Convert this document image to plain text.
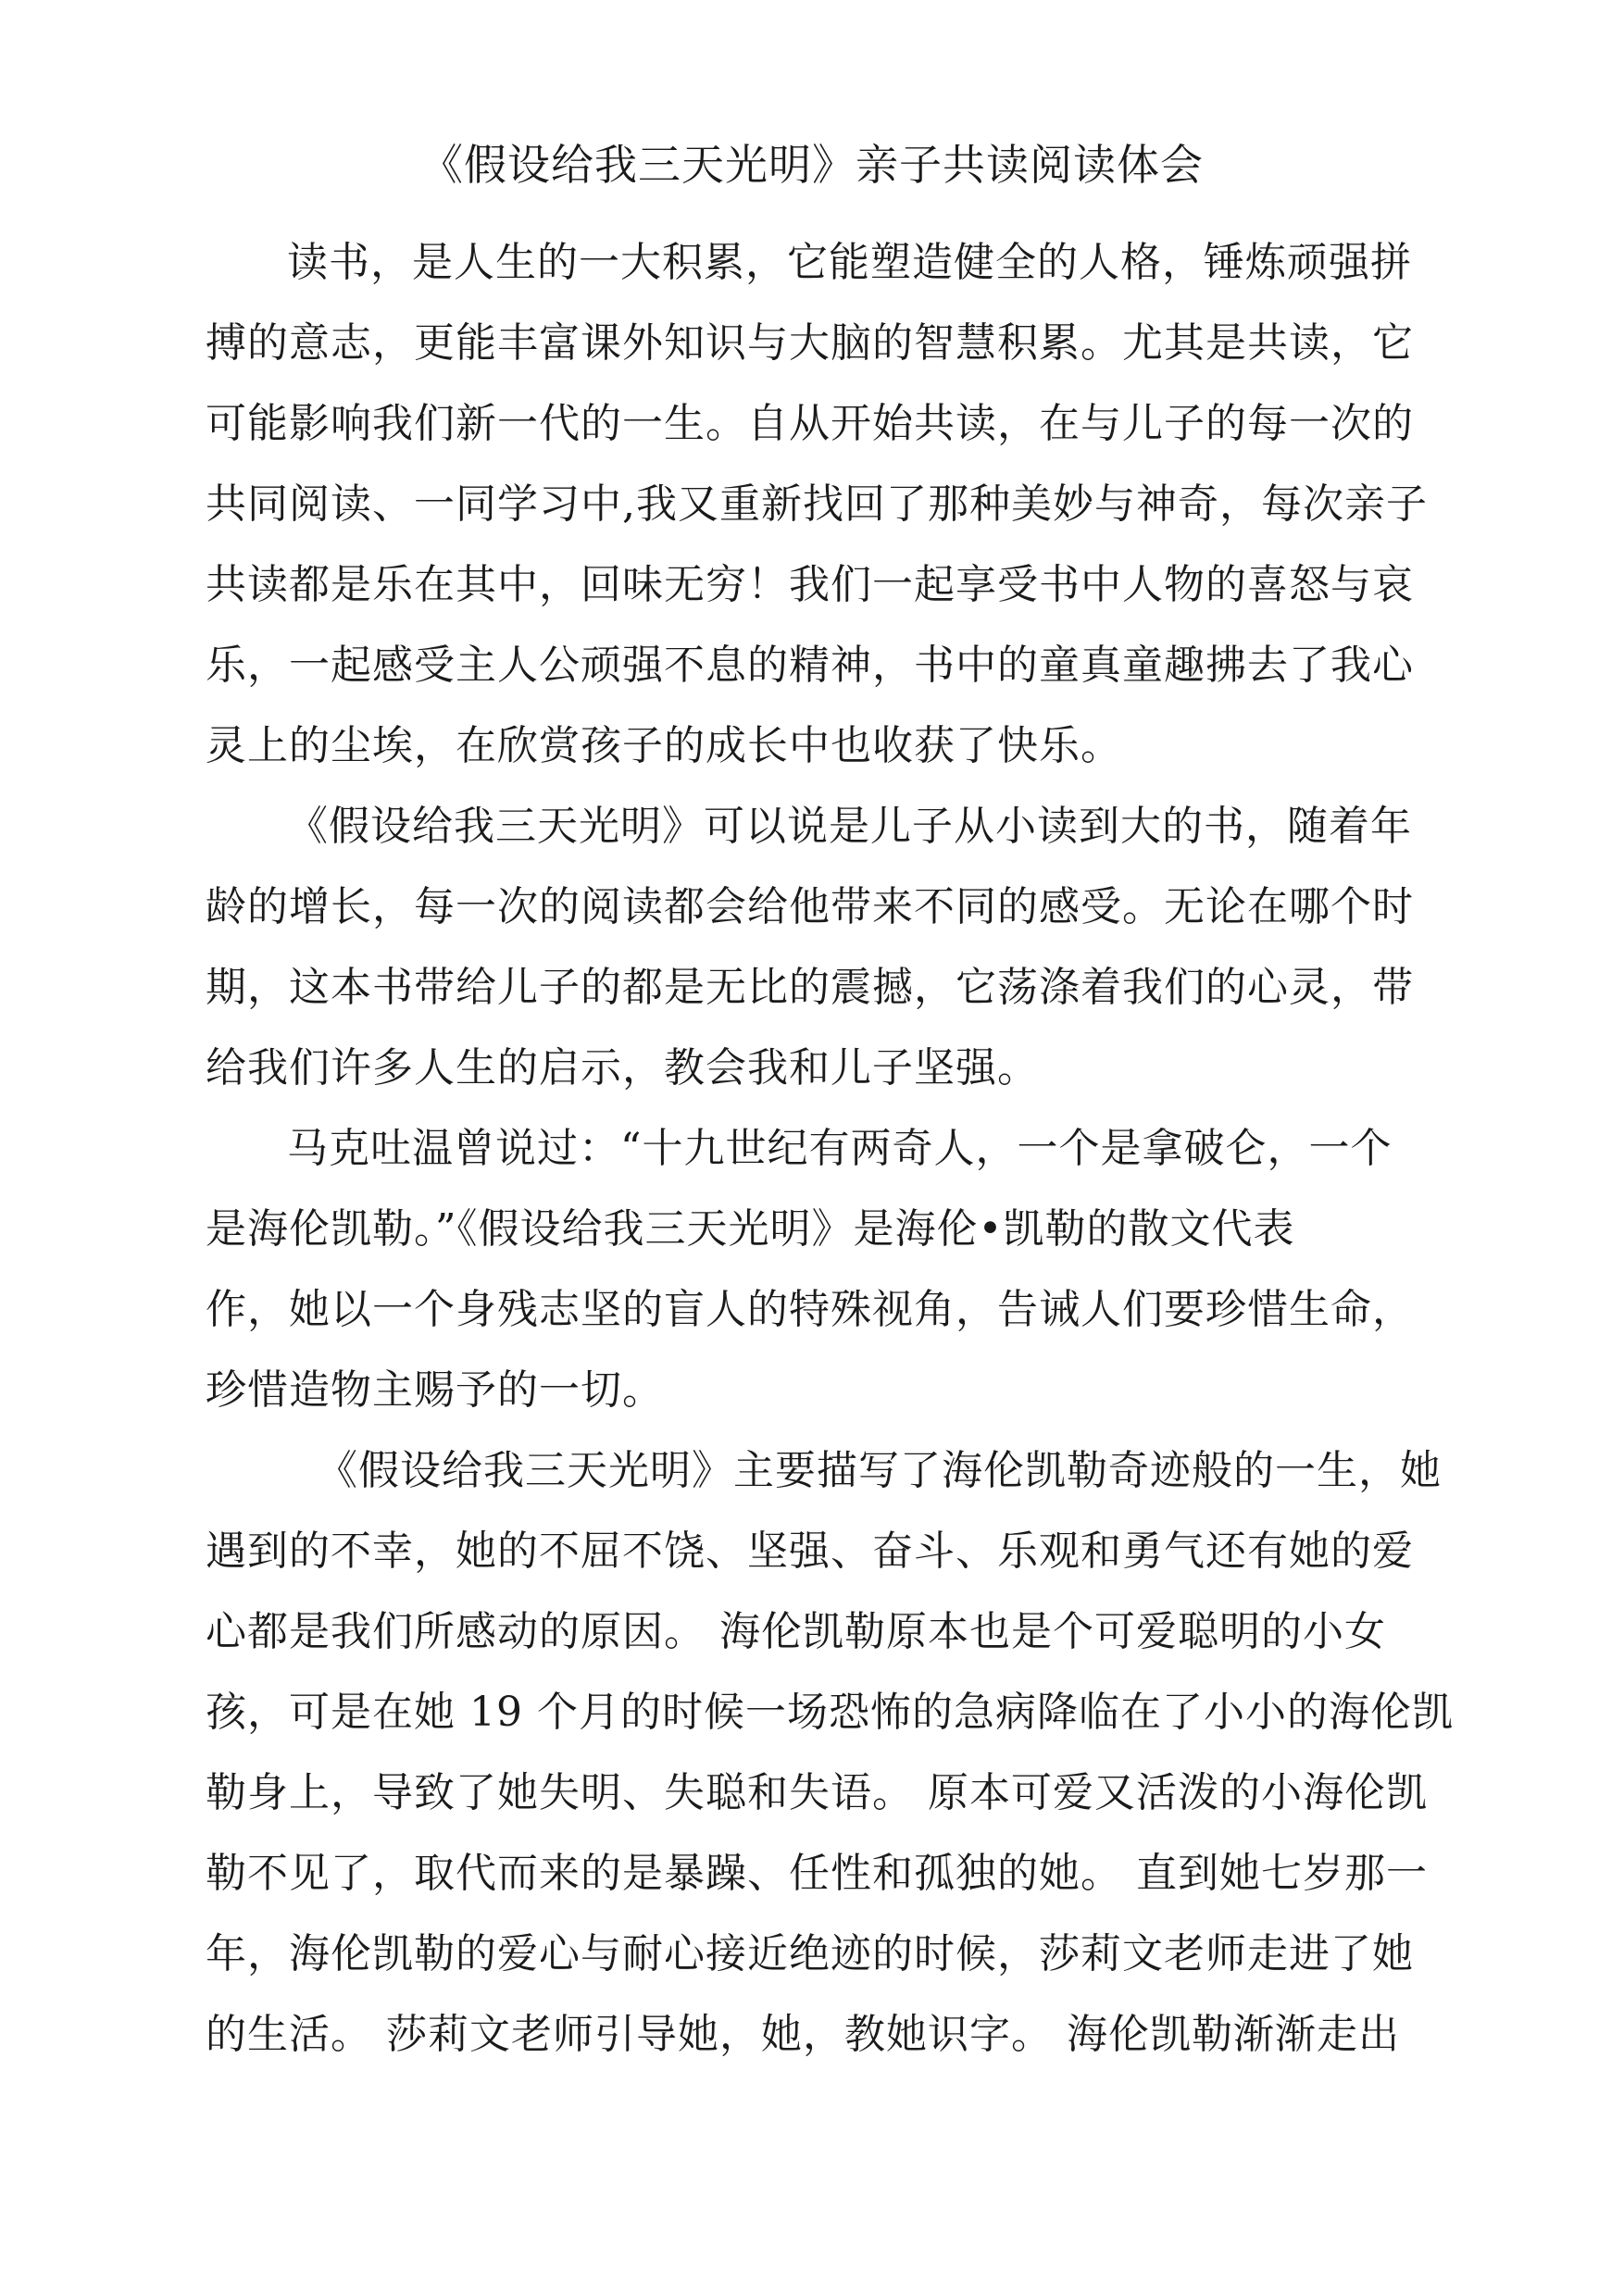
《假设给我三天光明》亲子共读阅读体会
读书，是人生的一大积累，它能塑造健全的人格，锤炼顽强拼
搏的意志，更能丰富课外知识与大脑的智慧积累。尤其是共读，它
可能影响我们新一代的一生。自从开始共读，在与儿子的每一次的
共同阅读、一同学习中,我又重新找回了那种美妙与神奇，每次亲子
共读都是乐在其中，回味无穷！我们一起享受书中人物的喜怒与哀
乐，一起感受主人公顽强不息的精神，书中的童真童趣拂去了我心
灵上的尘埃，在欣赏孩子的成长中也收获了快乐。
《假设给我三天光明》可以说是儿子从小读到大的书，随着年
龄的增长，每一次的阅读都会给他带来不同的感受。无论在哪个时
期，这本书带给儿子的都是无比的震撼，它荡涤着我们的心灵，带
给我们许多人生的启示，教会我和儿子坚强。
马克吐温曾说过：“十九世纪有两奇人，一个是拿破仑，一个
是海伦凯勒。”《假设给我三天光明》是海伦•凯勒的散文代表
作，她以一个身残志坚的盲人的特殊视角，告诫人们要珍惜生命，
珍惜造物主赐予的一切。
《假设给我三天光明》主要描写了海伦凯勒奇迹般的一生，她
遇到的不幸，她的不屈不饶、坚强、奋斗、乐观和勇气还有她的爱
心都是我们所感动的原因。 海伦凯勒原本也是个可爱聪明的小女
孩，可是在她 19 个月的时候一场恐怖的急病降临在了小小的海伦凯
勒身上，导致了她失明、失聪和失语。 原本可爱又活泼的小海伦凯
勒不见了，取代而来的是暴躁、任性和孤独的她。 直到她七岁那一
年，海伦凯勒的爱心与耐心接近绝迹的时候，莎莉文老师走进了她
的生活。 莎莉文老师引导她，她，教她识字。 海伦凯勒渐渐走出
